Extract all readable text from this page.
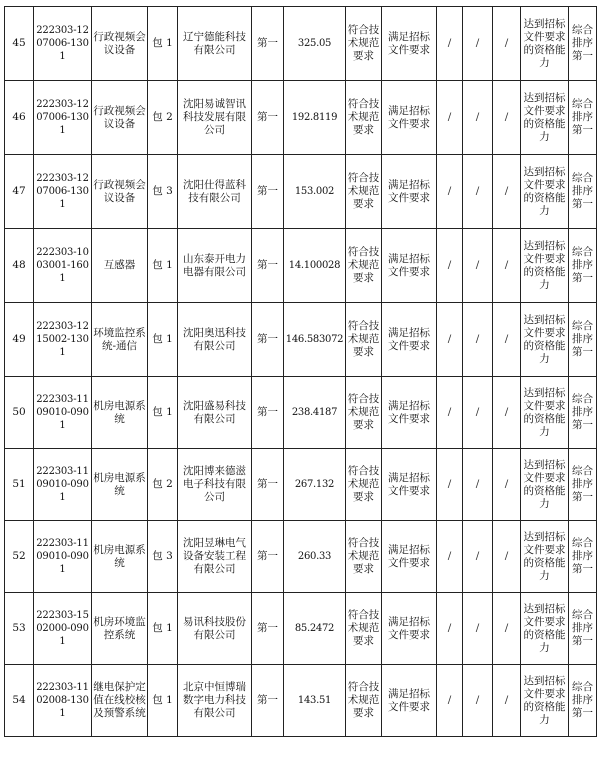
45	222303-1207006-1301	行政视频会议设备	包 1	辽宁德能科技有限公司	第一	325.05	符合技术规范要求	满足招标文件要求	/	/	/	达到招标文件要求的资格能力	综合排序第一
46	222303-1207006-1301	行政视频会议设备	包 2	沈阳易诚智讯科技发展有限公司	第一	192.8119	符合技术规范要求	满足招标文件要求	/	/	/	达到招标文件要求的资格能力	综合排序第一
47	222303-1207006-1301	行政视频会议设备	包 3	沈阳仕得蓝科技有限公司	第一	153.002	符合技术规范要求	满足招标文件要求	/	/	/	达到招标文件要求的资格能力	综合排序第一
48	222303-1003001-1601	互感器	包 1	山东泰开电力电器有限公司	第一	14.100028	符合技术规范要求	满足招标文件要求	/	/	/	达到招标文件要求的资格能力	综合排序第一
49	222303-1215002-1301	环境监控系统-通信	包 1	沈阳奥迅科技有限公司	第一	146.583072	符合技术规范要求	满足招标文件要求	/	/	/	达到招标文件要求的资格能力	综合排序第一
50	222303-1109010-0901	机房电源系统	包 1	沈阳盛易科技有限公司	第一	238.4187	符合技术规范要求	满足招标文件要求	/	/	/	达到招标文件要求的资格能力	综合排序第一
51	222303-1109010-0901	机房电源系统	包 2	沈阳博来德滋电子科技有限公司	第一	267.132	符合技术规范要求	满足招标文件要求	/	/	/	达到招标文件要求的资格能力	综合排序第一
52	222303-1109010-0901	机房电源系统	包 3	沈阳昱琳电气设备安装工程有限公司	第一	260.33	符合技术规范要求	满足招标文件要求	/	/	/	达到招标文件要求的资格能力	综合排序第一
53	222303-1502000-0901	机房环境监控系统	包 1	易讯科技股份有限公司	第一	85.2472	符合技术规范要求	满足招标文件要求	/	/	/	达到招标文件要求的资格能力	综合排序第一
54	222303-1102008-1301	继电保护定值在线校核及预警系统	包 1	北京中恒博瑞数字电力科技有限公司	第一	143.51	符合技术规范要求	满足招标文件要求	/	/	/	达到招标文件要求的资格能力	综合排序第一
